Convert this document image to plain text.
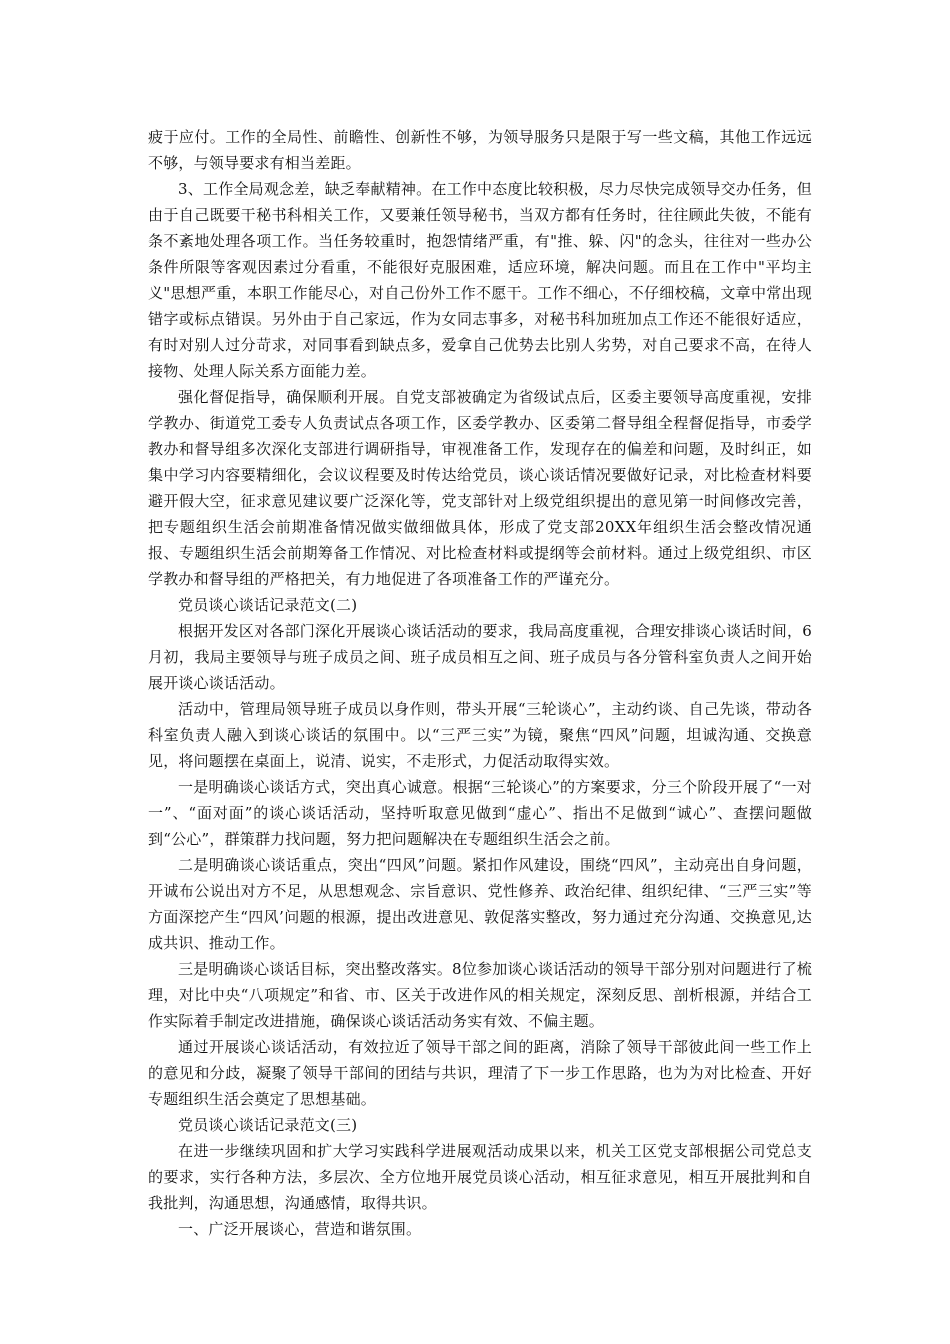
疲于应付。工作的全局性、前瞻性、创新性不够，为领导服务只是限于写一些文稿，其他工作远远不够，与领导要求有相当差距。

3、工作全局观念差，缺乏奉献精神。在工作中态度比较积极，尽力尽快完成领导交办任务，但由于自己既要干秘书科相关工作，又要兼任领导秘书，当双方都有任务时，往往顾此失彼，不能有条不紊地处理各项工作。当任务较重时，抱怨情绪严重，有"推、躲、闪"的念头，往往对一些办公条件所限等客观因素过分看重，不能很好克服困难，适应环境，解决问题。而且在工作中"平均主义"思想严重，本职工作能尽心，对自己份外工作不愿干。工作不细心，不仔细校稿，文章中常出现错字或标点错误。另外由于自己家远，作为女同志事多，对秘书科加班加点工作还不能很好适应，有时对别人过分苛求，对同事看到缺点多，爱拿自己优势去比别人劣势，对自己要求不高，在待人接物、处理人际关系方面能力差。

强化督促指导，确保顺利开展。自党支部被确定为省级试点后，区委主要领导高度重视，安排学教办、街道党工委专人负责试点各项工作，区委学教办、区委第二督导组全程督促指导，市委学教办和督导组多次深化支部进行调研指导，审视准备工作，发现存在的偏差和问题，及时纠正，如集中学习内容要精细化，会议议程要及时传达给党员，谈心谈话情况要做好记录，对比检查材料要避开假大空，征求意见建议要广泛深化等，党支部针对上级党组织提出的意见第一时间修改完善，把专题组织生活会前期准备情况做实做细做具体，形成了党支部20XX年组织生活会整改情况通报、专题组织生活会前期筹备工作情况、对比检查材料或提纲等会前材料。通过上级党组织、市区学教办和督导组的严格把关，有力地促进了各项准备工作的严谨充分。

党员谈心谈话记录范文(二)

根据开发区对各部门深化开展谈心谈话活动的要求，我局高度重视，合理安排谈心谈话时间，6月初，我局主要领导与班子成员之间、班子成员相互之间、班子成员与各分管科室负责人之间开始展开谈心谈话活动。

活动中，管理局领导班子成员以身作则，带头开展“三轮谈心”，主动约谈、自己先谈，带动各科室负责人融入到谈心谈话的氛围中。以“三严三实”为镜，聚焦“四风”问题，坦诚沟通、交换意见，将问题摆在桌面上，说清、说实，不走形式，力促活动取得实效。

一是明确谈心谈话方式，突出真心诚意。根据“三轮谈心”的方案要求，分三个阶段开展了“一对一”、“面对面”的谈心谈话活动，坚持听取意见做到“虚心”、指出不足做到“诚心”、查摆问题做到“公心”，群策群力找问题，努力把问题解决在专题组织生活会之前。

二是明确谈心谈话重点，突出“四风”问题。紧扣作风建设，围绕“四风”，主动亮出自身问题，开诚布公说出对方不足，从思想观念、宗旨意识、党性修养、政治纪律、组织纪律、“三严三实”等方面深挖产生“四风’问题的根源，提出改进意见、敦促落实整改，努力通过充分沟通、交换意见,达成共识、推动工作。

三是明确谈心谈话目标，突出整改落实。8位参加谈心谈话活动的领导干部分别对问题进行了梳理，对比中央“八项规定”和省、市、区关于改进作风的相关规定，深刻反思、剖析根源，并结合工作实际着手制定改进措施，确保谈心谈话活动务实有效、不偏主题。

通过开展谈心谈话活动，有效拉近了领导干部之间的距离，消除了领导干部彼此间一些工作上的意见和分歧，凝聚了领导干部间的团结与共识，理清了下一步工作思路，也为为对比检查、开好专题组织生活会奠定了思想基础。

党员谈心谈话记录范文(三)

在进一步继续巩固和扩大学习实践科学进展观活动成果以来，机关工区党支部根据公司党总支的要求，实行各种方法，多层次、全方位地开展党员谈心活动，相互征求意见，相互开展批判和自我批判，沟通思想，沟通感情，取得共识。

一、广泛开展谈心，营造和谐氛围。
